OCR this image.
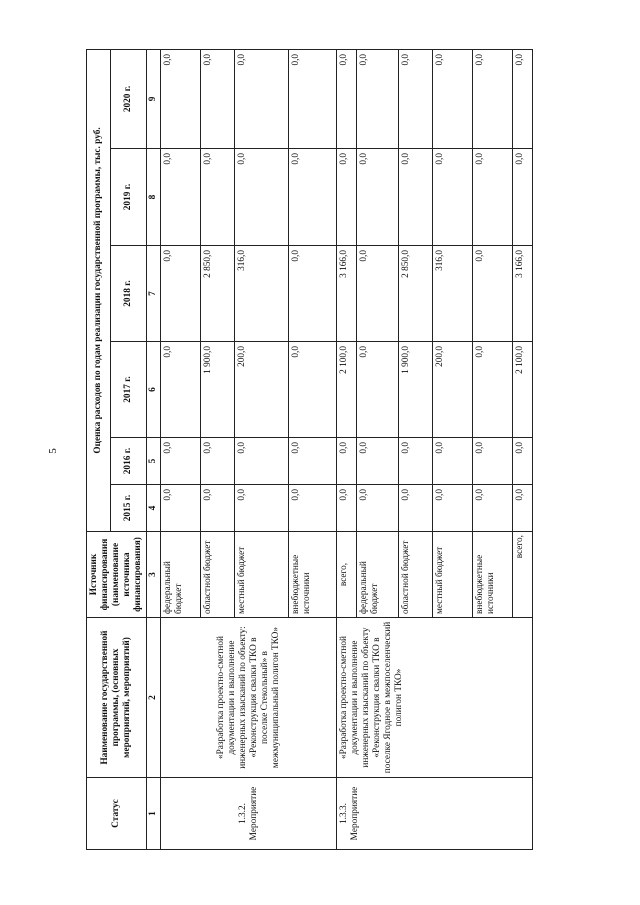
5
Статус	Наименование государственной программы, (основных мероприятий, мероприятий)	Источник финансирования (наименование источника финансирования)	Оценка расходов по годам реализации государственной программы, тыс. руб.					
			2015 г.	2016 г.	2017 г.	2018 г.	2019 г.	2020 г.
1	2	3	4	5	6	7	8	9
1.3.2. Мероприятие	«Разработка проектно-сметной документации и выполнение инженерных изысканий по объекту: «Реконструкция свалки ТКО в поселке Стекольный» в межмуниципальный полигон ТКО»	федеральный бюджет	0,0	0,0	0,0	0,0	0,0	0,0
		областной бюджет	0,0	0,0	1 900,0	2 850,0	0,0	0,0
		местный бюджет	0,0	0,0	200,0	316,0	0,0	0,0
		внебюджетные источники	0,0	0,0	0,0	0,0	0,0	0,0
1.3.3. Мероприятие	«Разработка проектно-сметной документации и выполнение инженерных изысканий по объекту «Реконструкция свалки ТКО в поселке Ягодное в межпоселенческий полигон ТКО»	всего,	0,0	0,0	2 100,0	3 166,0	0,0	0,0
		федеральный бюджет	0,0	0,0	0,0	0,0	0,0	0,0
		областной бюджет	0,0	0,0	1 900,0	2 850,0	0,0	0,0
		местный бюджет	0,0	0,0	200,0	316,0	0,0	0,0
		внебюджетные источники	0,0	0,0	0,0	0,0	0,0	0,0
		всего,	0,0	0,0	2 100,0	3 166,0	0,0	0,0
